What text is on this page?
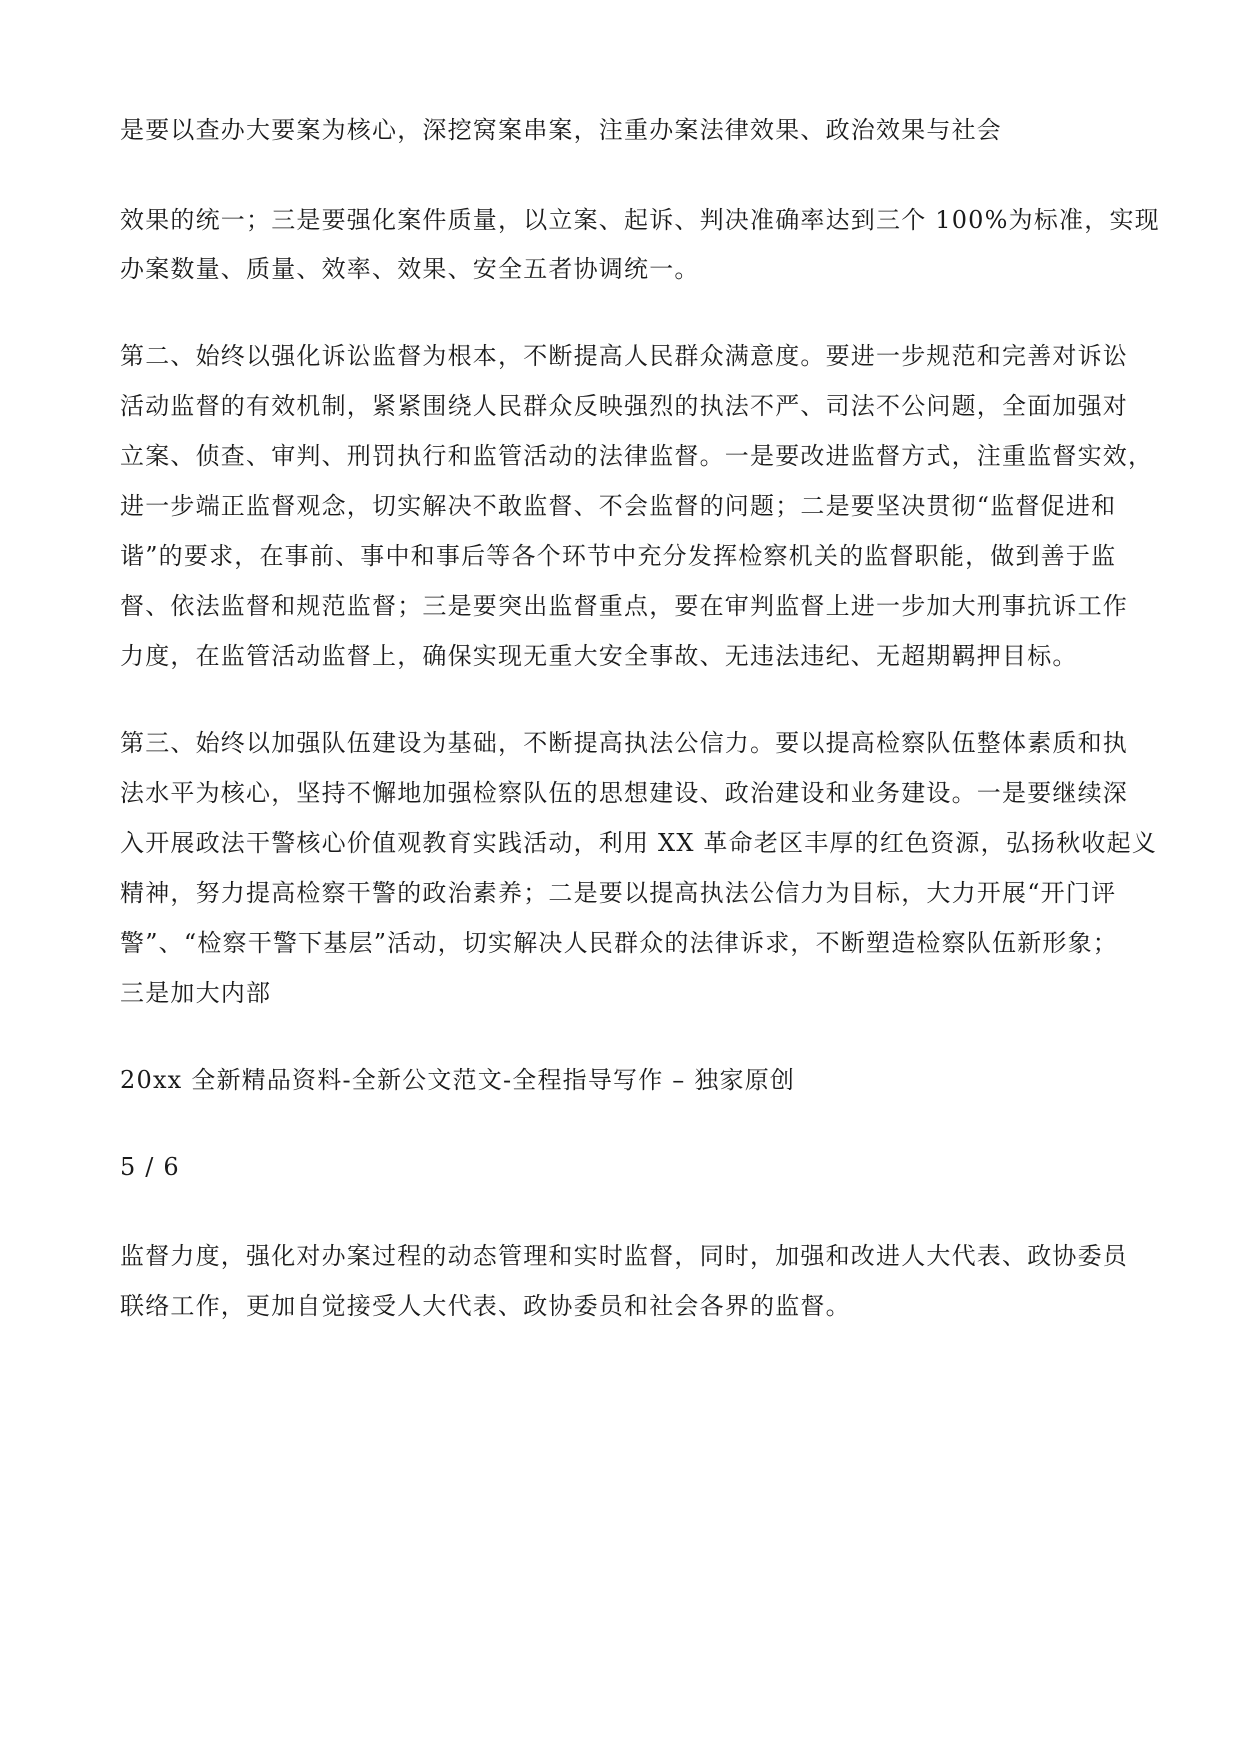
是要以查办大要案为核心，深挖窝案串案，注重办案法律效果、政治效果与社会
效果的统一；三是要强化案件质量，以立案、起诉、判决准确率达到三个 100%为标准，实现
办案数量、质量、效率、效果、安全五者协调统一。
第二、始终以强化诉讼监督为根本，不断提高人民群众满意度。要进一步规范和完善对诉讼
活动监督的有效机制，紧紧围绕人民群众反映强烈的执法不严、司法不公问题，全面加强对
立案、侦查、审判、刑罚执行和监管活动的法律监督。一是要改进监督方式，注重监督实效，
进一步端正监督观念，切实解决不敢监督、不会监督的问题；二是要坚决贯彻“监督促进和
谐”的要求，在事前、事中和事后等各个环节中充分发挥检察机关的监督职能，做到善于监
督、依法监督和规范监督；三是要突出监督重点，要在审判监督上进一步加大刑事抗诉工作
力度，在监管活动监督上，确保实现无重大安全事故、无违法违纪、无超期羁押目标。
第三、始终以加强队伍建设为基础，不断提高执法公信力。要以提高检察队伍整体素质和执
法水平为核心，坚持不懈地加强检察队伍的思想建设、政治建设和业务建设。一是要继续深
入开展政法干警核心价值观教育实践活动，利用 XX 革命老区丰厚的红色资源，弘扬秋收起义
精神，努力提高检察干警的政治素养；二是要以提高执法公信力为目标，大力开展“开门评
警”、“检察干警下基层”活动，切实解决人民群众的法律诉求，不断塑造检察队伍新形象；
三是加大内部
20xx 全新精品资料-全新公文范文-全程指导写作 – 独家原创
5 / 6
监督力度，强化对办案过程的动态管理和实时监督，同时，加强和改进人大代表、政协委员
联络工作，更加自觉接受人大代表、政协委员和社会各界的监督。
